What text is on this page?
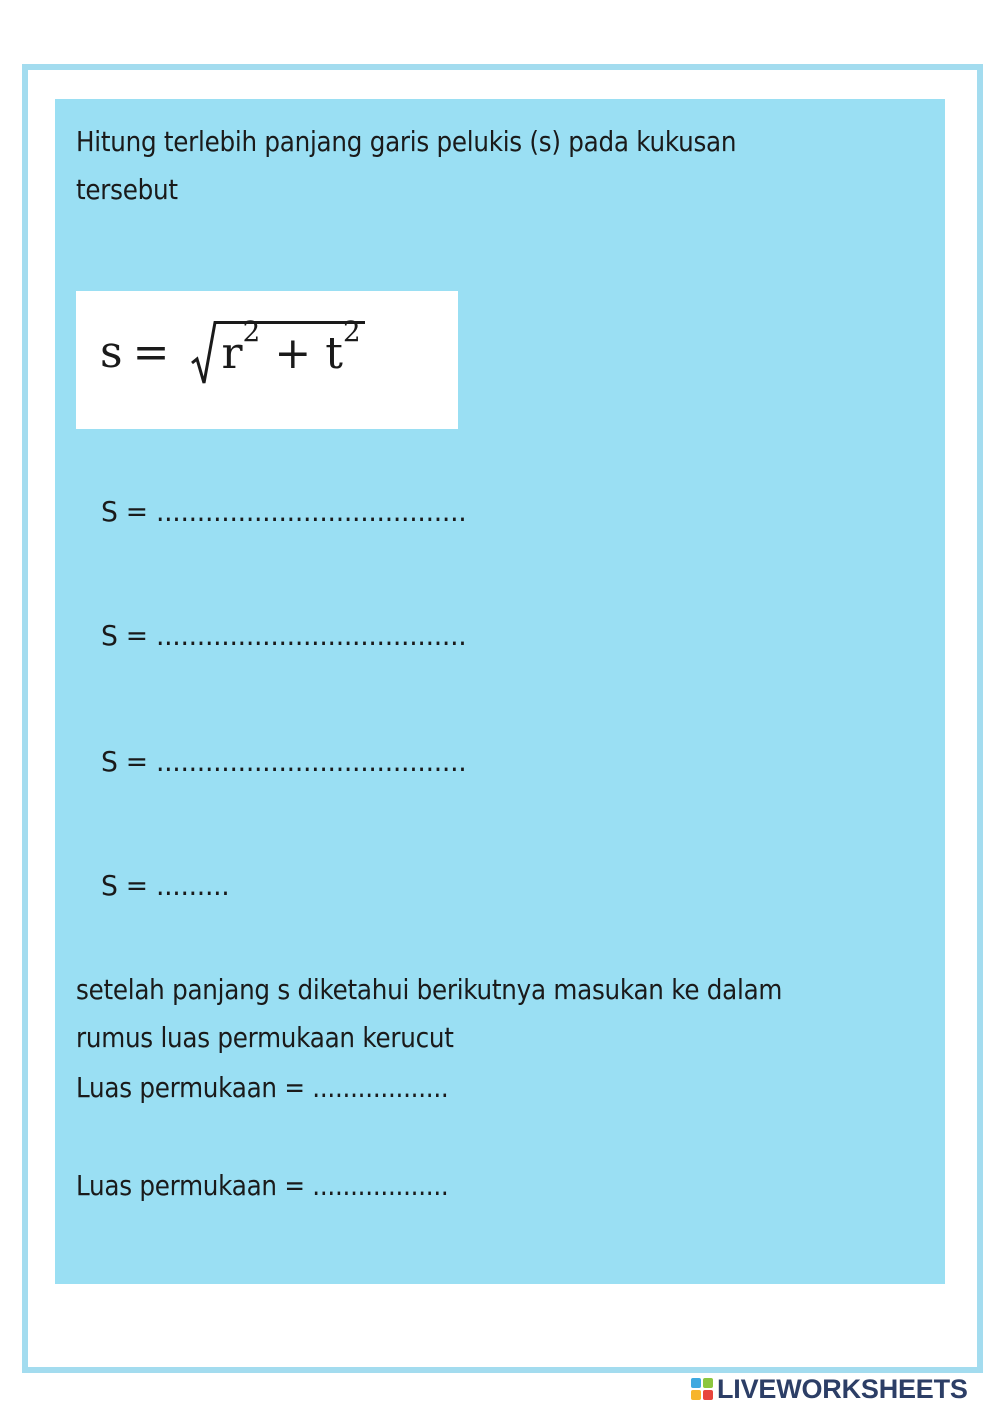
Hitung terlebih panjang garis pelukis (s) pada kukusan
tersebut
$s = r^2 + t^2$
S = ......................................
S = ......................................
S = ......................................
S = .........
setelah panjang s diketahui berikutnya masukan ke dalam
rumus luas permukaan kerucut
Luas permukaan = ..................
Luas permukaan = ..................
LIVEWORKSHEETS
